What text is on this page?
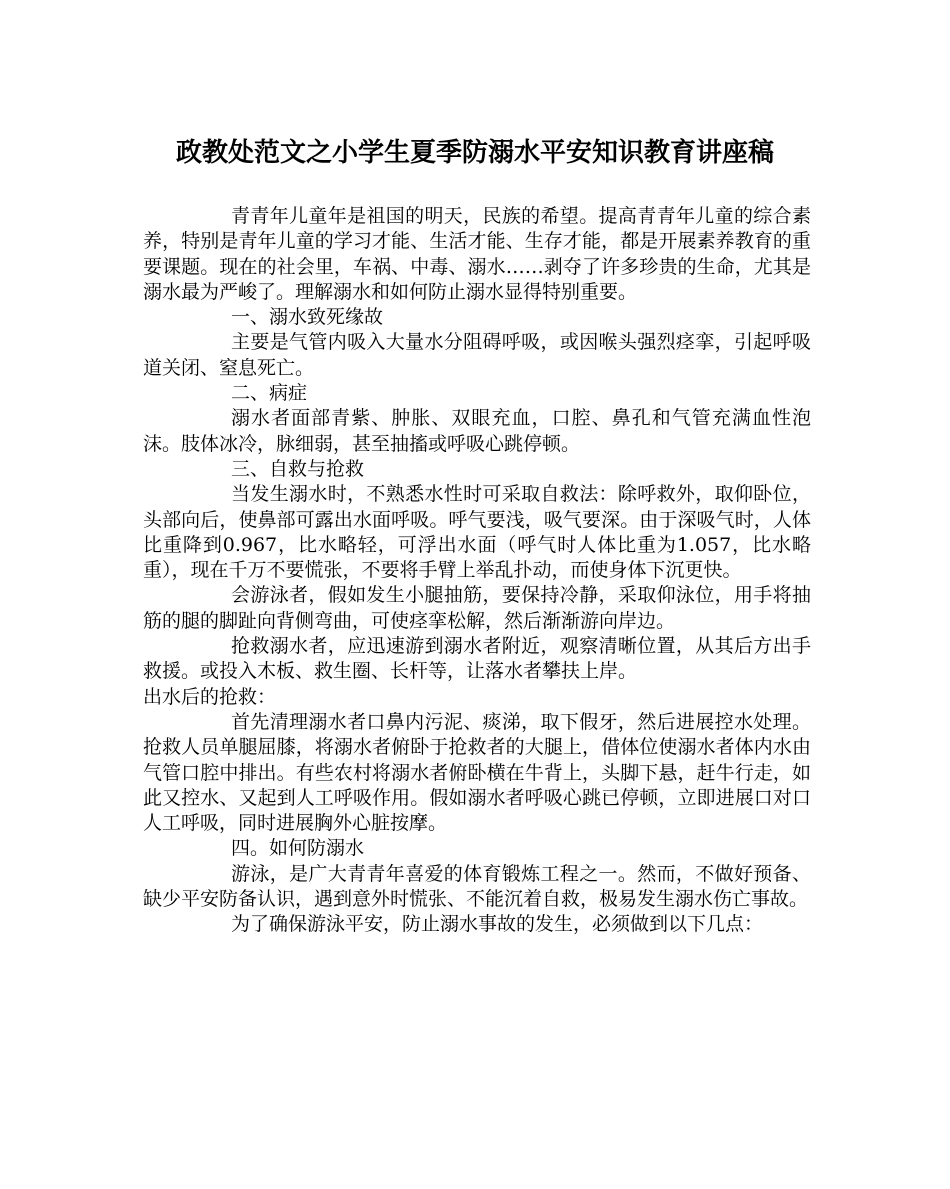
政教处范文之小学生夏季防溺水平安知识教育讲座稿

青青年儿童年是祖国的明天，民族的希望。提高青青年儿童的综合素养，特别是青年儿童的学习才能、生活才能、生存才能，都是开展素养教育的重要课题。现在的社会里，车祸、中毒、溺水……剥夺了许多珍贵的生命，尤其是溺水最为严峻了。理解溺水和如何防止溺水显得特别重要。

一、溺水致死缘故

主要是气管内吸入大量水分阻碍呼吸，或因喉头强烈痉挛，引起呼吸道关闭、窒息死亡。

二、病症

溺水者面部青紫、肿胀、双眼充血，口腔、鼻孔和气管充满血性泡沫。肢体冰冷，脉细弱，甚至抽搐或呼吸心跳停顿。

三、自救与抢救

当发生溺水时，不熟悉水性时可采取自救法：除呼救外，取仰卧位，头部向后，使鼻部可露出水面呼吸。呼气要浅，吸气要深。由于深吸气时，人体比重降到0.967，比水略轻，可浮出水面（呼气时人体比重为1.057，比水略重），现在千万不要慌张，不要将手臂上举乱扑动，而使身体下沉更快。

会游泳者，假如发生小腿抽筋，要保持冷静，采取仰泳位，用手将抽筋的腿的脚趾向背侧弯曲，可使痉挛松解，然后渐渐游向岸边。

抢救溺水者，应迅速游到溺水者附近，观察清晰位置，从其后方出手救援。或投入木板、救生圈、长杆等，让落水者攀扶上岸。

出水后的抢救：

首先清理溺水者口鼻内污泥、痰涕，取下假牙，然后进展控水处理。抢救人员单腿屈膝，将溺水者俯卧于抢救者的大腿上，借体位使溺水者体内水由气管口腔中排出。有些农村将溺水者俯卧横在牛背上，头脚下悬，赶牛行走，如此又控水、又起到人工呼吸作用。假如溺水者呼吸心跳已停顿，立即进展口对口人工呼吸，同时进展胸外心脏按摩。

四。如何防溺水

游泳，是广大青青年喜爱的体育锻炼工程之一。然而，不做好预备、缺少平安防备认识，遇到意外时慌张、不能沉着自救，极易发生溺水伤亡事故。

为了确保游泳平安，防止溺水事故的发生，必须做到以下几点：
